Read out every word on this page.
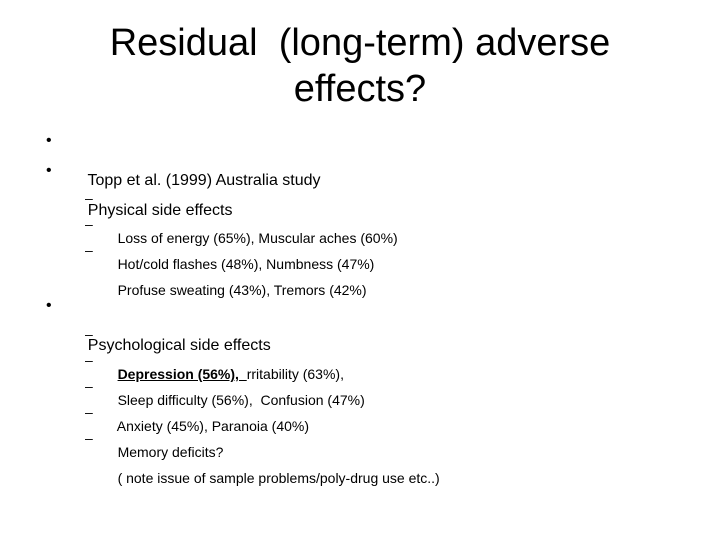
Residual  (long-term) adverse
effects?

•

Topp et al. (1999) Australia study

•

Physical side effects

–

Loss of energy (65%), Muscular aches (60%)

–

Hot/cold flashes (48%), Numbness (47%)

–

Profuse sweating (43%), Tremors (42%)

•

Psychological side effects

–

Depression (56%),  rritability (63%),

–

Sleep difficulty (56%),  Confusion (47%)

–

Anxiety (45%), Paranoia (40%)

–

Memory deficits?

–

( note issue of sample problems/poly-drug use etc..)
